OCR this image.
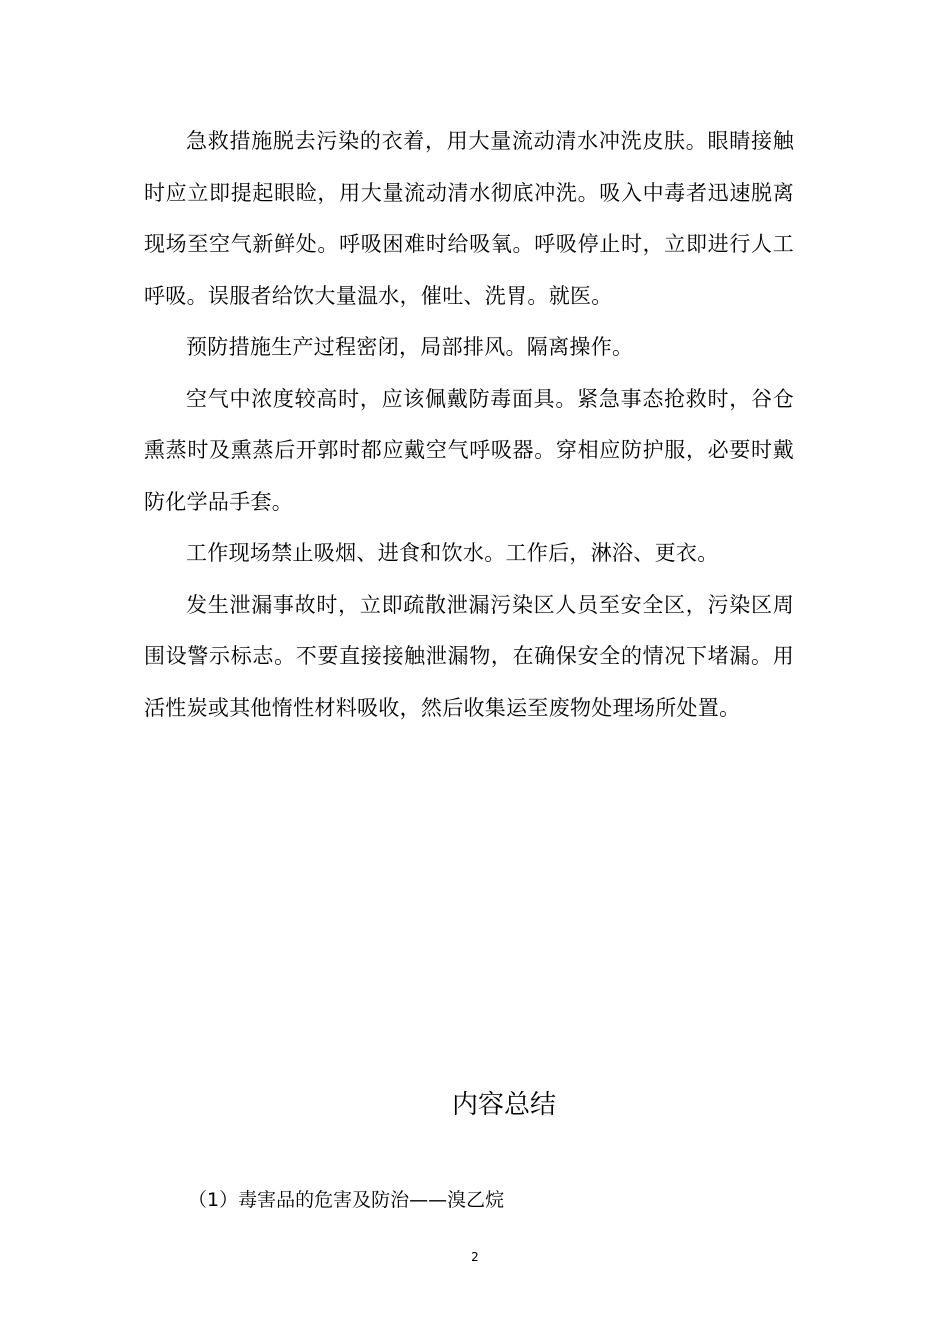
急救措施脱去污染的衣着，用大量流动清水冲洗皮肤。眼睛接触时应立即提起眼睑，用大量流动清水彻底冲洗。吸入中毒者迅速脱离现场至空气新鲜处。呼吸困难时给吸氧。呼吸停止时，立即进行人工呼吸。误服者给饮大量温水，催吐、洗胃。就医。

预防措施生产过程密闭，局部排风。隔离操作。

空气中浓度较高时，应该佩戴防毒面具。紧急事态抢救时，谷仓熏蒸时及熏蒸后开郭时都应戴空气呼吸器。穿相应防护服，必要时戴防化学品手套。

工作现场禁止吸烟、进食和饮水。工作后，淋浴、更衣。

发生泄漏事故时，立即疏散泄漏污染区人员至安全区，污染区周围设警示标志。不要直接接触泄漏物，在确保安全的情况下堵漏。用活性炭或其他惰性材料吸收，然后收集运至废物处理场所处置。

内容总结
（1）毒害品的危害及防治——溴乙烷
2
